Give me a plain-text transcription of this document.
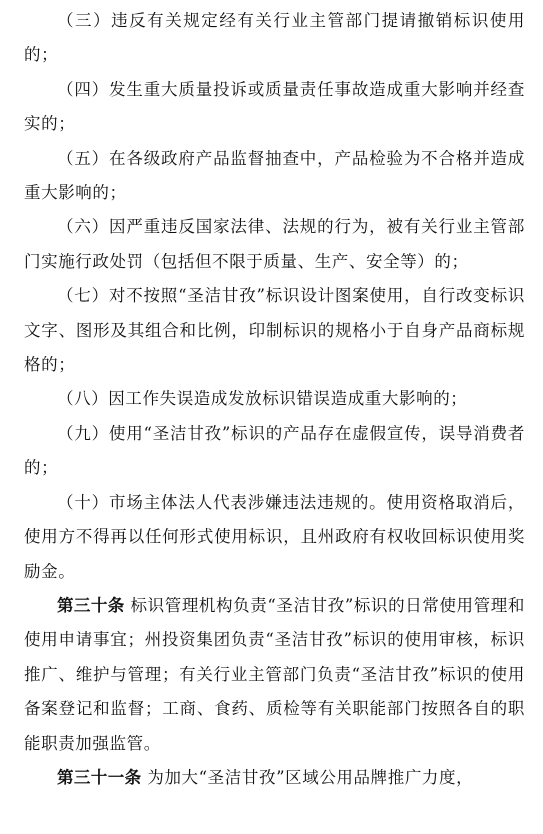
（三）违反有关规定经有关行业主管部门提请撤销标识使用的；

（四）发生重大质量投诉或质量责任事故造成重大影响并经查实的；

（五）在各级政府产品监督抽查中，产品检验为不合格并造成重大影响的；

（六）因严重违反国家法律、法规的行为，被有关行业主管部门实施行政处罚（包括但不限于质量、生产、安全等）的；

（七）对不按照“圣洁甘孜”标识设计图案使用，自行改变标识文字、图形及其组合和比例，印制标识的规格小于自身产品商标规格的；

（八）因工作失误造成发放标识错误造成重大影响的；

（九）使用“圣洁甘孜”标识的产品存在虚假宣传，误导消费者的；

（十）市场主体法人代表涉嫌违法违规的。使用资格取消后，使用方不得再以任何形式使用标识，且州政府有权收回标识使用奖励金。

第三十条 标识管理机构负责“圣洁甘孜”标识的日常使用管理和使用申请事宜；州投资集团负责“圣洁甘孜”标识的使用审核，标识推广、维护与管理；有关行业主管部门负责“圣洁甘孜”标识的使用备案登记和监督；工商、食药、质检等有关职能部门按照各自的职能职责加强监管。

第三十一条 为加大“圣洁甘孜”区域公用品牌推广力度，
